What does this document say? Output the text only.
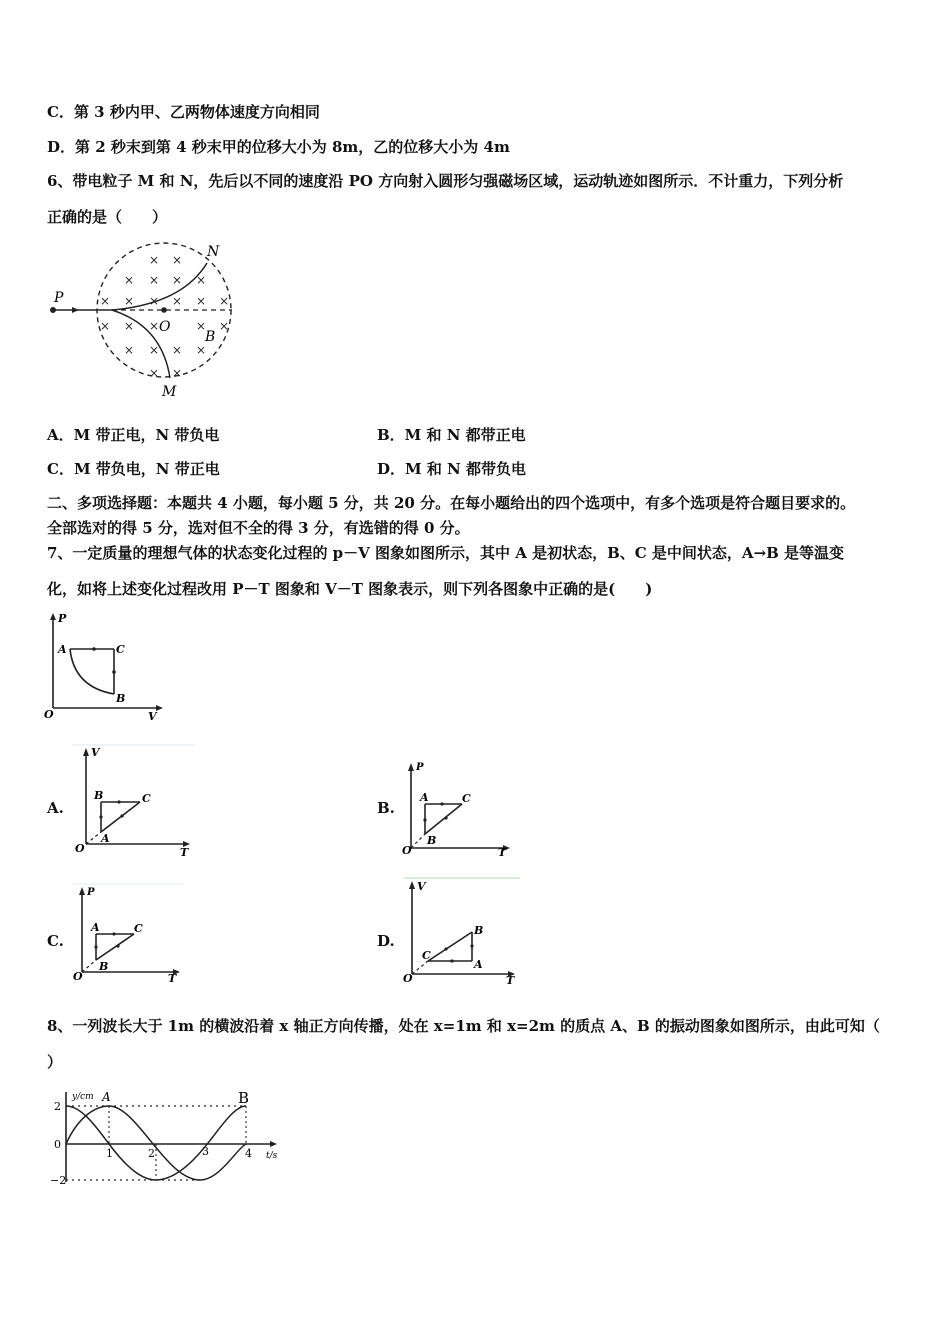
C．第 3 秒内甲、乙两物体速度方向相同
D．第 2 秒末到第 4 秒末甲的位移大小为 8m，乙的位移大小为 4m
6、带电粒子 M 和 N，先后以不同的速度沿 PO 方向射入圆形匀强磁场区域，运动轨迹如图所示．不计重力，下列分析
正确的是（　　）
× ×
× × × ×
× × × × × ×
× × ×	× ×
× × × ×
× ×
P
O
B
N
M
A．M 带正电，N 带负电	B．M 和 N 都带正电
C．M 带负电，N 带正电	D．M 和 N 都带负电
二、多项选择题：本题共 4 小题，每小题 5 分，共 20 分。在每小题给出的四个选项中，有多个选项是符合题目要求的。
全部选对的得 5 分，选对但不全的得 3 分，有选错的得 0 分。
7、一定质量的理想气体的状态变化过程的 p－V 图象如图所示，其中 A 是初状态，B、C 是中间状态，A→B 是等温变
化，如将上述变化过程改用 P－T 图象和 V－T 图象表示，则下列各图象中正确的是(　　)
P
V
O
A
B
C
A.
V
T
O
B	C
A
B.
P
T
O
A	C
B
C.
P
T
O
A	C
B
D.
V
T
O
C
A
B
8、一列波长大于 1m 的横波沿着 x 轴正方向传播，处在 x=1m 和 x=2m 的质点 A、B 的振动图象如图所示，由此可知（
）
y/cm A	B
2
0
−2
1	2	3	4 t/s
